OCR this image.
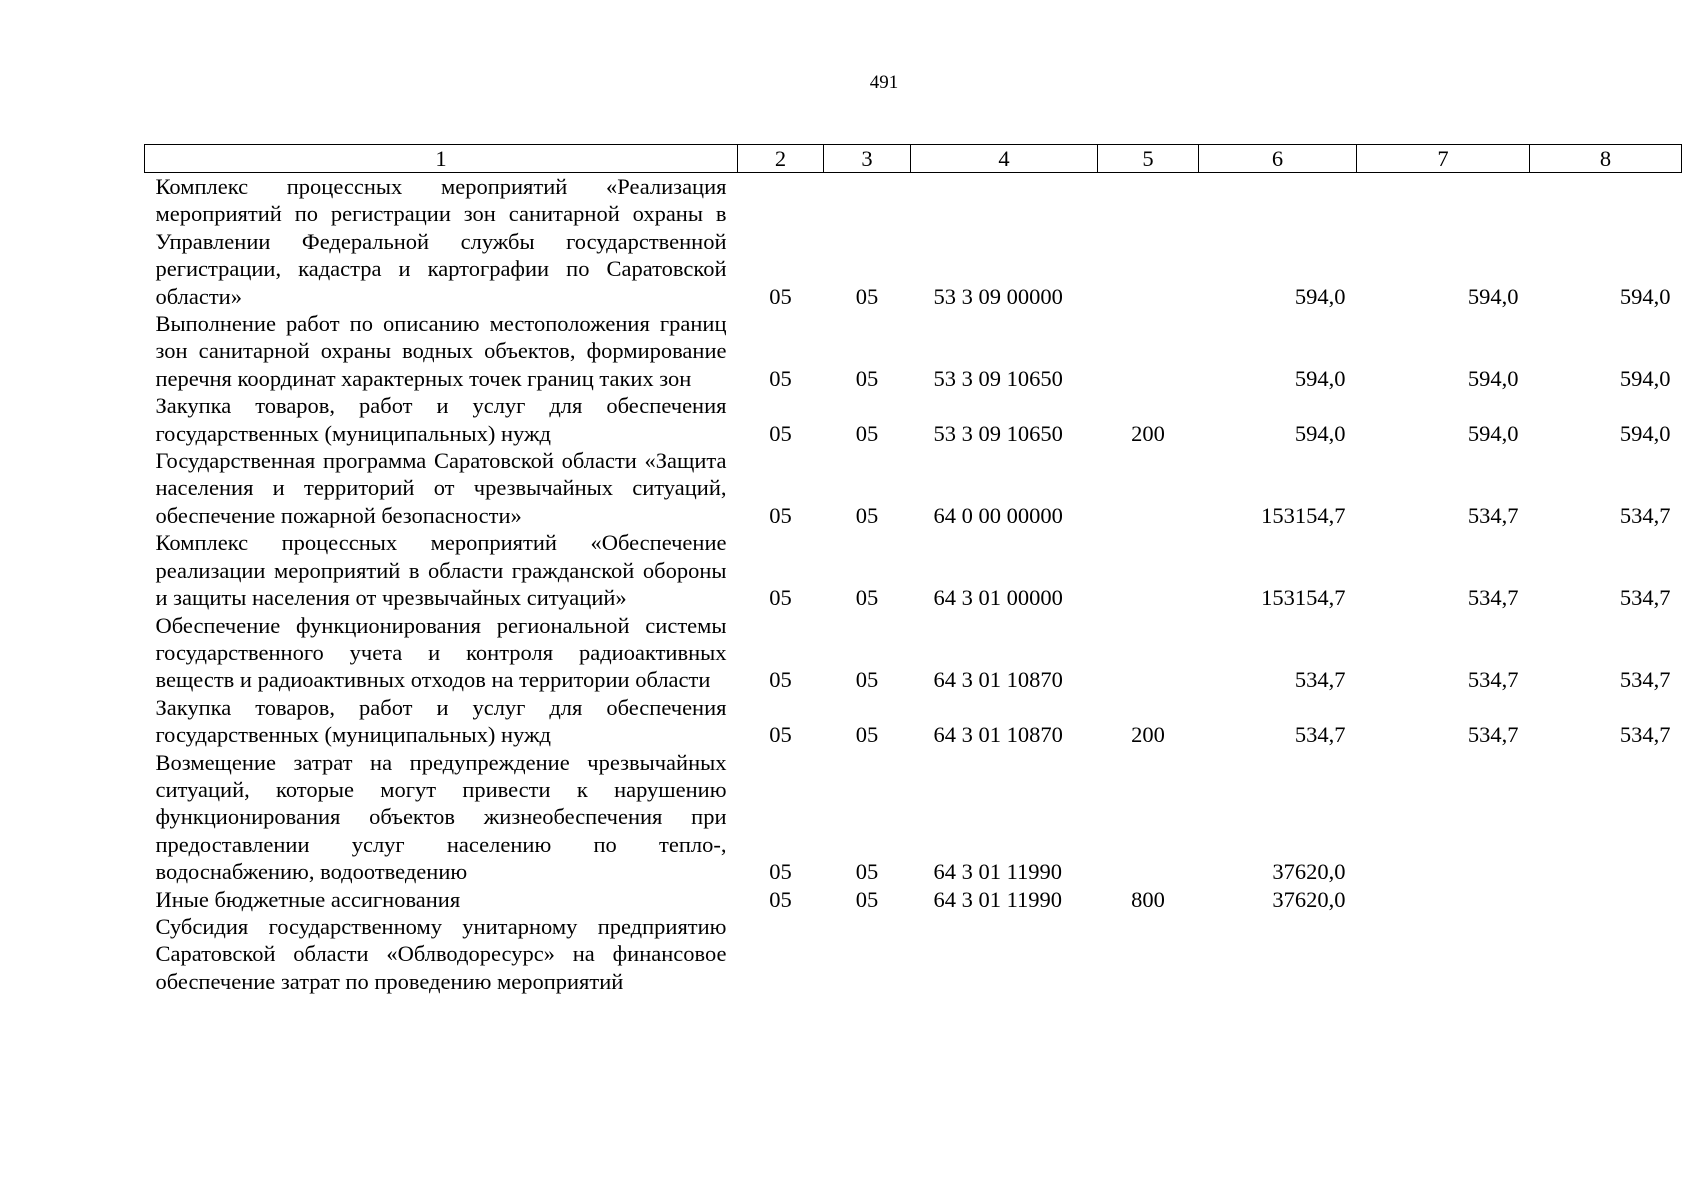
491
1	2	3	4	5	6	7	8
Комплекс процессных мероприятий «Реализация мероприятий по регистрации зон санитарной охраны в Управлении Федеральной службы государственной регистрации, кадастра и картографии по Саратовской области»	05	05	53 3 09 00000		594,0	594,0	594,0
Выполнение работ по описанию местоположения границ зон санитарной охраны водных объектов, формирование перечня координат характерных точек границ таких зон	05	05	53 3 09 10650		594,0	594,0	594,0
Закупка товаров, работ и услуг для обеспечения государственных (муниципальных) нужд	05	05	53 3 09 10650	200	594,0	594,0	594,0
Государственная программа Саратовской области «Защита населения и территорий от чрезвычайных ситуаций, обеспечение пожарной безопасности»	05	05	64 0 00 00000		153154,7	534,7	534,7
Комплекс процессных мероприятий «Обеспечение реализации мероприятий в области гражданской обороны и защиты населения от чрезвычайных ситуаций»	05	05	64 3 01 00000		153154,7	534,7	534,7
Обеспечение функционирования региональной системы государственного учета и контроля радиоактивных веществ и радиоактивных отходов на территории области	05	05	64 3 01 10870		534,7	534,7	534,7
Закупка товаров, работ и услуг для обеспечения государственных (муниципальных) нужд	05	05	64 3 01 10870	200	534,7	534,7	534,7
Возмещение затрат на предупреждение чрезвычайных ситуаций, которые могут привести к нарушению функционирования объектов жизнеобеспечения при предоставлении услуг населению по тепло-, водоснабжению, водоотведению	05	05	64 3 01 11990		37620,0		
Иные бюджетные ассигнования	05	05	64 3 01 11990	800	37620,0		
Субсидия государственному унитарному предприятию Саратовской области «Облводоресурс» на финансовое обеспечение затрат по проведению мероприятий							
